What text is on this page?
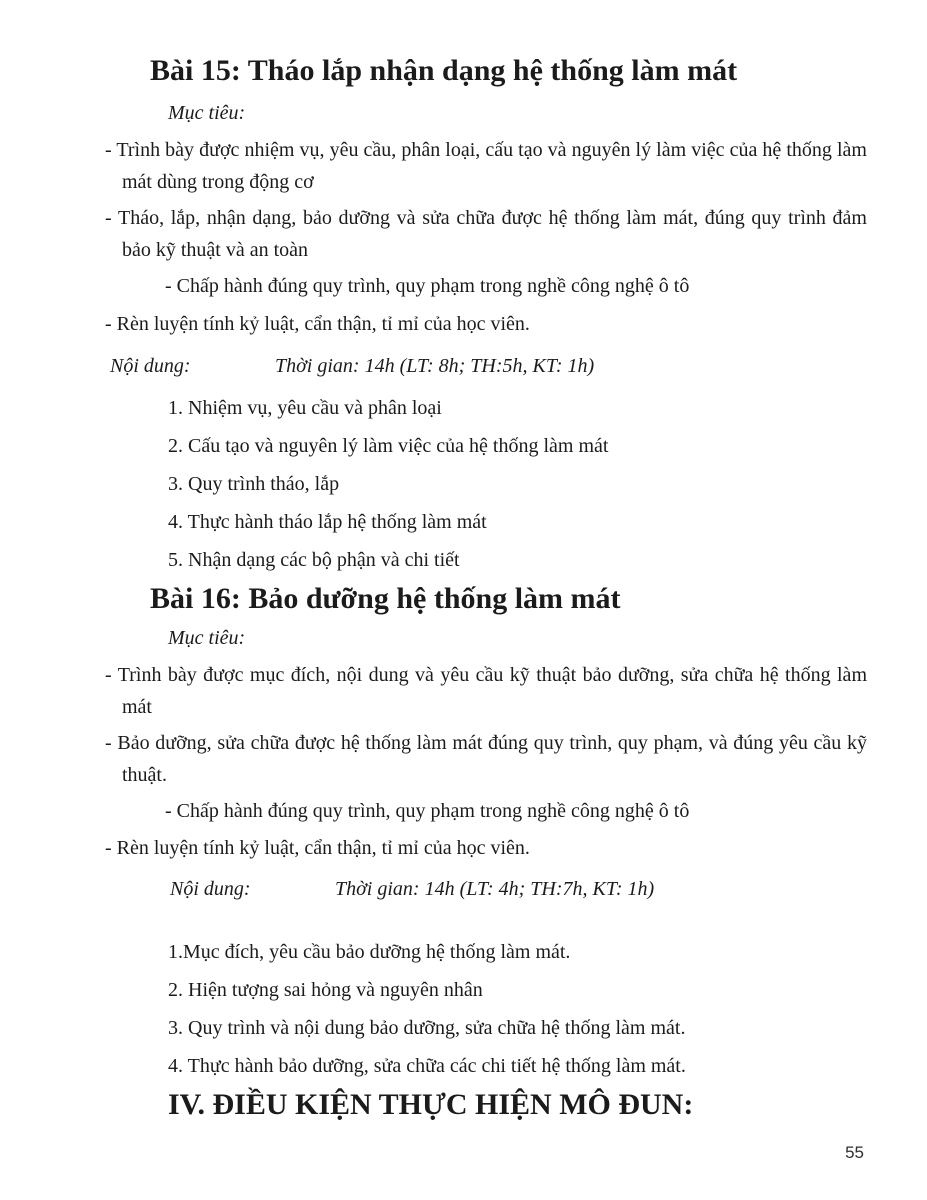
Bài 15: Tháo lắp nhận dạng hệ thống làm mát

Mục tiêu:

- Trình bày được nhiệm vụ, yêu cầu, phân loại, cấu tạo và nguyên lý làm việc của hệ thống làm mát dùng trong động cơ

- Tháo, lắp, nhận dạng, bảo dưỡng và sửa chữa được hệ thống làm mát, đúng quy trình đảm bảo kỹ thuật và an toàn

- Chấp hành đúng quy trình, quy phạm trong nghề công nghệ ô tô

- Rèn luyện tính kỷ luật, cẩn thận, tỉ mỉ của học viên.

Nội dung:	Thời gian: 14h (LT: 8h; TH:5h, KT: 1h)

1. Nhiệm vụ, yêu cầu và phân loại

2. Cấu tạo và nguyên lý làm việc của hệ thống làm mát

3. Quy trình tháo, lắp

4. Thực hành tháo lắp hệ thống làm mát

5. Nhận dạng các bộ phận và chi tiết

Bài 16: Bảo dưỡng hệ thống làm mát

Mục tiêu:

- Trình bày được mục đích, nội dung và yêu cầu kỹ thuật bảo dưỡng, sửa chữa hệ thống làm mát

- Bảo dưỡng, sửa chữa được hệ thống làm mát đúng quy trình, quy phạm, và đúng yêu cầu kỹ thuật.

- Chấp hành đúng quy trình, quy phạm trong nghề công nghệ ô tô

- Rèn luyện tính kỷ luật, cẩn thận, tỉ mỉ của học viên.

Nội dung:	Thời gian: 14h (LT: 4h; TH:7h, KT: 1h)

1.Mục đích, yêu cầu bảo dưỡng hệ thống làm mát.

2. Hiện tượng sai hỏng và nguyên nhân

3. Quy trình và nội dung bảo dưỡng, sửa chữa hệ thống làm mát.

4. Thực hành bảo dưỡng, sửa chữa các chi tiết hệ thống làm mát.

IV. ĐIỀU KIỆN THỰC HIỆN MÔ ĐUN:
55
